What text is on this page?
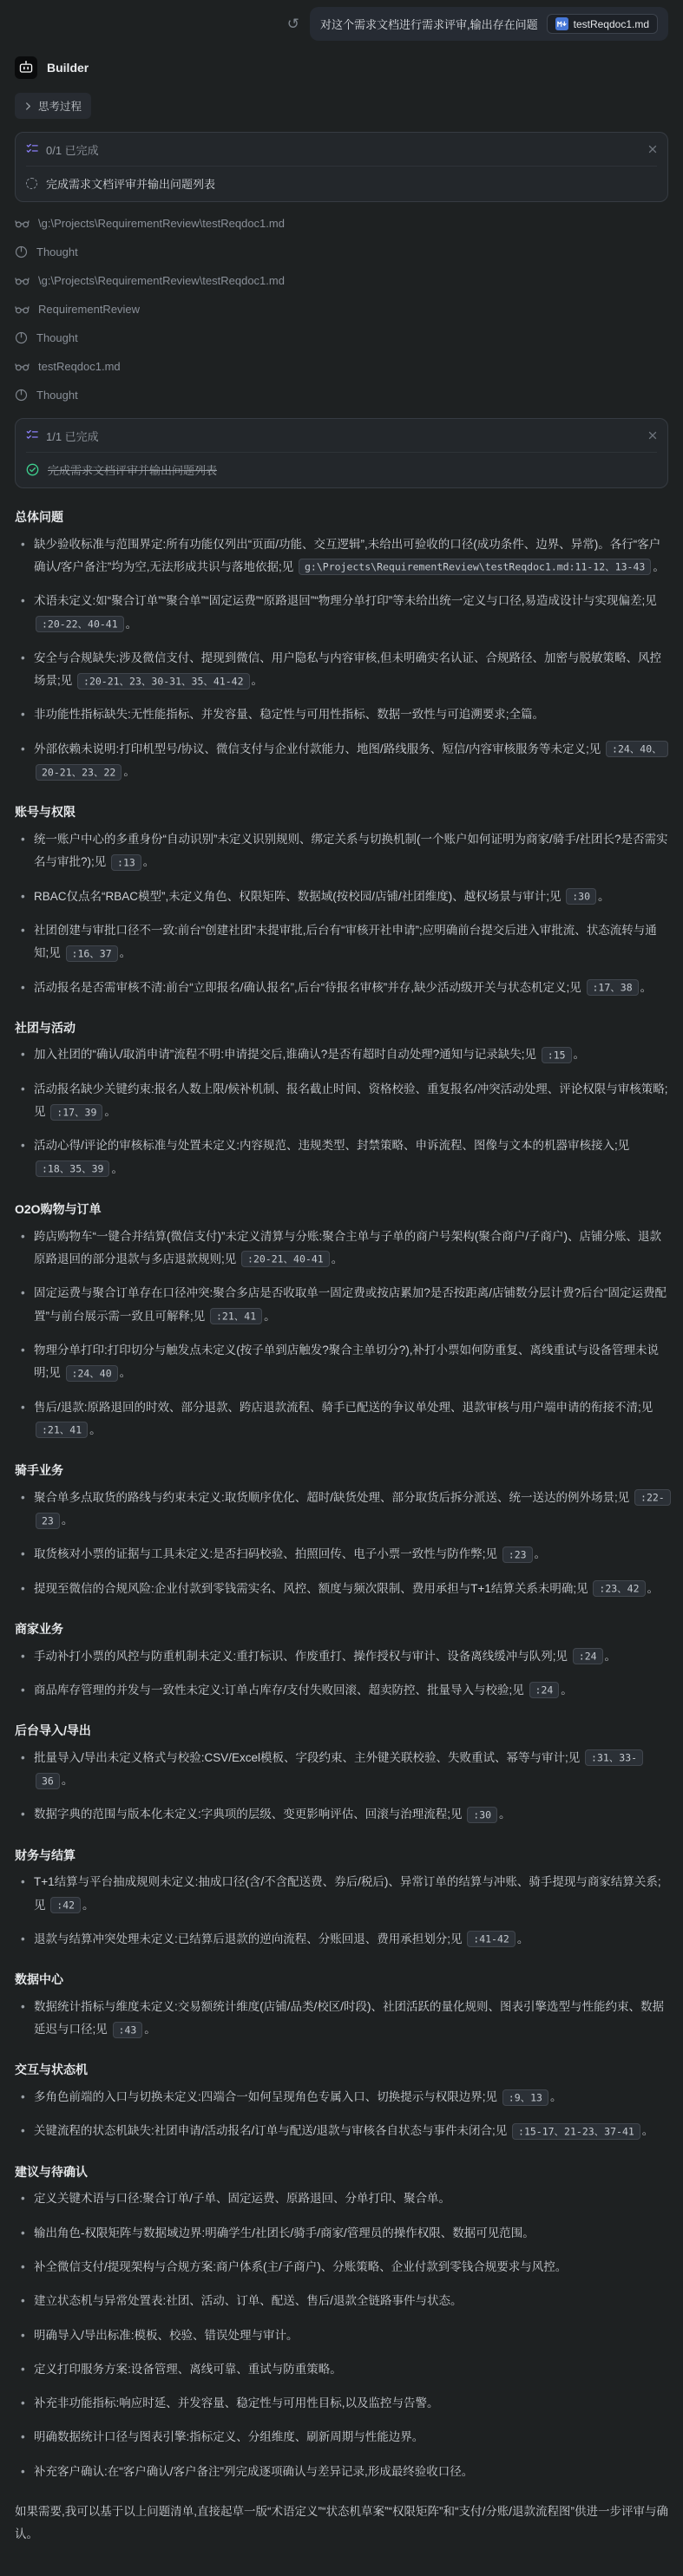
↺ 对这个需求文档进行需求评审,输出存在问题	testReqdoc1.md
Builder
思考过程
0/1 已完成
完成需求文档评审并输出问题列表
\g:\Projects\RequirementReview\testReqdoc1.md
Thought
\g:\Projects\RequirementReview\testReqdoc1.md
RequirementReview
Thought
testReqdoc1.md
Thought
1/1 已完成
完成需求文档评审并输出问题列表
总体问题
• 缺少验收标准与范围界定:所有功能仅列出“页面/功能、交互逻辑”,未给出可验收的口径(成功条件、边界、异常)。各行“客户确认/客户备注”均为空,无法形成共识与落地依据;见 g:\Projects\RequirementReview\testReqdoc1.md:11-12、13-43 。
• 术语未定义:如“聚合订单”“聚合单”“固定运费”“原路退回”“物理分单打印”等未给出统一定义与口径,易造成设计与实现偏差;见 :20-22、40-41 。
• 安全与合规缺失:涉及微信支付、提现到微信、用户隐私与内容审核,但未明确实名认证、合规路径、加密与脱敏策略、风控场景;见 :20-21、23、30-31、35、41-42 。
• 非功能性指标缺失:无性能指标、并发容量、稳定性与可用性指标、数据一致性与可追溯要求;全篇。
• 外部依赖未说明:打印机型号/协议、微信支付与企业付款能力、地图/路线服务、短信/内容审核服务等未定义;见 :24、40、20-21、23、22 。
账号与权限
• 统一账户中心的多重身份“自动识别”未定义识别规则、绑定关系与切换机制(一个账户如何证明为商家/骑手/社团长?是否需实名与审批?);见 :13 。
• RBAC仅点名“RBAC模型”,未定义角色、权限矩阵、数据域(按校园/店铺/社团维度)、越权场景与审计;见 :30 。
• 社团创建与审批口径不一致:前台“创建社团”未提审批,后台有“审核开社申请”;应明确前台提交后进入审批流、状态流转与通知;见 :16、37 。
• 活动报名是否需审核不清:前台“立即报名/确认报名”,后台“待报名审核”并存,缺少活动级开关与状态机定义;见 :17、38 。
社团与活动
• 加入社团的“确认/取消申请”流程不明:申请提交后,谁确认?是否有超时自动处理?通知与记录缺失;见 :15 。
• 活动报名缺少关键约束:报名人数上限/候补机制、报名截止时间、资格校验、重复报名/冲突活动处理、评论权限与审核策略;见 :17、39 。
• 活动心得/评论的审核标准与处置未定义:内容规范、违规类型、封禁策略、申诉流程、图像与文本的机器审核接入;见 :18、35、39 。
O2O购物与订单
• 跨店购物车“一键合并结算(微信支付)”未定义清算与分账:聚合主单与子单的商户号架构(聚合商户/子商户)、店铺分账、退款原路退回的部分退款与多店退款规则;见 :20-21、40-41 。
• 固定运费与聚合订单存在口径冲突:聚合多店是否收取单一固定费或按店累加?是否按距离/店铺数分层计费?后台“固定运费配置”与前台展示需一致且可解释;见 :21、41 。
• 物理分单打印:打印切分与触发点未定义(按子单到店触发?聚合主单切分?),补打小票如何防重复、离线重试与设备管理未说明;见 :24、40 。
• 售后/退款:原路退回的时效、部分退款、跨店退款流程、骑手已配送的争议单处理、退款审核与用户端申请的衔接不清;见 :21、41 。
骑手业务
• 聚合单多点取货的路线与约束未定义:取货顺序优化、超时/缺货处理、部分取货后拆分派送、统一送达的例外场景;见 :22-23 。
• 取货核对小票的证据与工具未定义:是否扫码校验、拍照回传、电子小票一致性与防作弊;见 :23 。
• 提现至微信的合规风险:企业付款到零钱需实名、风控、额度与频次限制、费用承担与T+1结算关系未明确;见 :23、42 。
商家业务
• 手动补打小票的风控与防重机制未定义:重打标识、作废重打、操作授权与审计、设备离线缓冲与队列;见 :24 。
• 商品库存管理的并发与一致性未定义:订单占库存/支付失败回滚、超卖防控、批量导入与校验;见 :24 。
后台导入/导出
• 批量导入/导出未定义格式与校验:CSV/Excel模板、字段约束、主外键关联校验、失败重试、幂等与审计;见 :31、33-36 。
• 数据字典的范围与版本化未定义:字典项的层级、变更影响评估、回滚与治理流程;见 :30 。
财务与结算
• T+1结算与平台抽成规则未定义:抽成口径(含/不含配送费、券后/税后)、异常订单的结算与冲账、骑手提现与商家结算关系;见 :42 。
• 退款与结算冲突处理未定义:已结算后退款的逆向流程、分账回退、费用承担划分;见 :41-42 。
数据中心
• 数据统计指标与维度未定义:交易额统计维度(店铺/品类/校区/时段)、社团活跃的量化规则、图表引擎选型与性能约束、数据延迟与口径;见 :43 。
交互与状态机
• 多角色前端的入口与切换未定义:四端合一如何呈现角色专属入口、切换提示与权限边界;见 :9、13 。
• 关键流程的状态机缺失:社团申请/活动报名/订单与配送/退款与审核各自状态与事件未闭合;见 :15-17、21-23、37-41 。
建议与待确认
• 定义关键术语与口径:聚合订单/子单、固定运费、原路退回、分单打印、聚合单。
• 输出角色-权限矩阵与数据域边界:明确学生/社团长/骑手/商家/管理员的操作权限、数据可见范围。
• 补全微信支付/提现架构与合规方案:商户体系(主/子商户)、分账策略、企业付款到零钱合规要求与风控。
• 建立状态机与异常处置表:社团、活动、订单、配送、售后/退款全链路事件与状态。
• 明确导入/导出标准:模板、校验、错误处理与审计。
• 定义打印服务方案:设备管理、离线可靠、重试与防重策略。
• 补充非功能指标:响应时延、并发容量、稳定性与可用性目标,以及监控与告警。
• 明确数据统计口径与图表引擎:指标定义、分组维度、刷新周期与性能边界。
• 补充客户确认:在“客户确认/客户备注”列完成逐项确认与差异记录,形成最终验收口径。

如果需要,我可以基于以上问题清单,直接起草一版“术语定义”“状态机草案”“权限矩阵”和“支付/分账/退款流程图”供进一步评审与确认。
